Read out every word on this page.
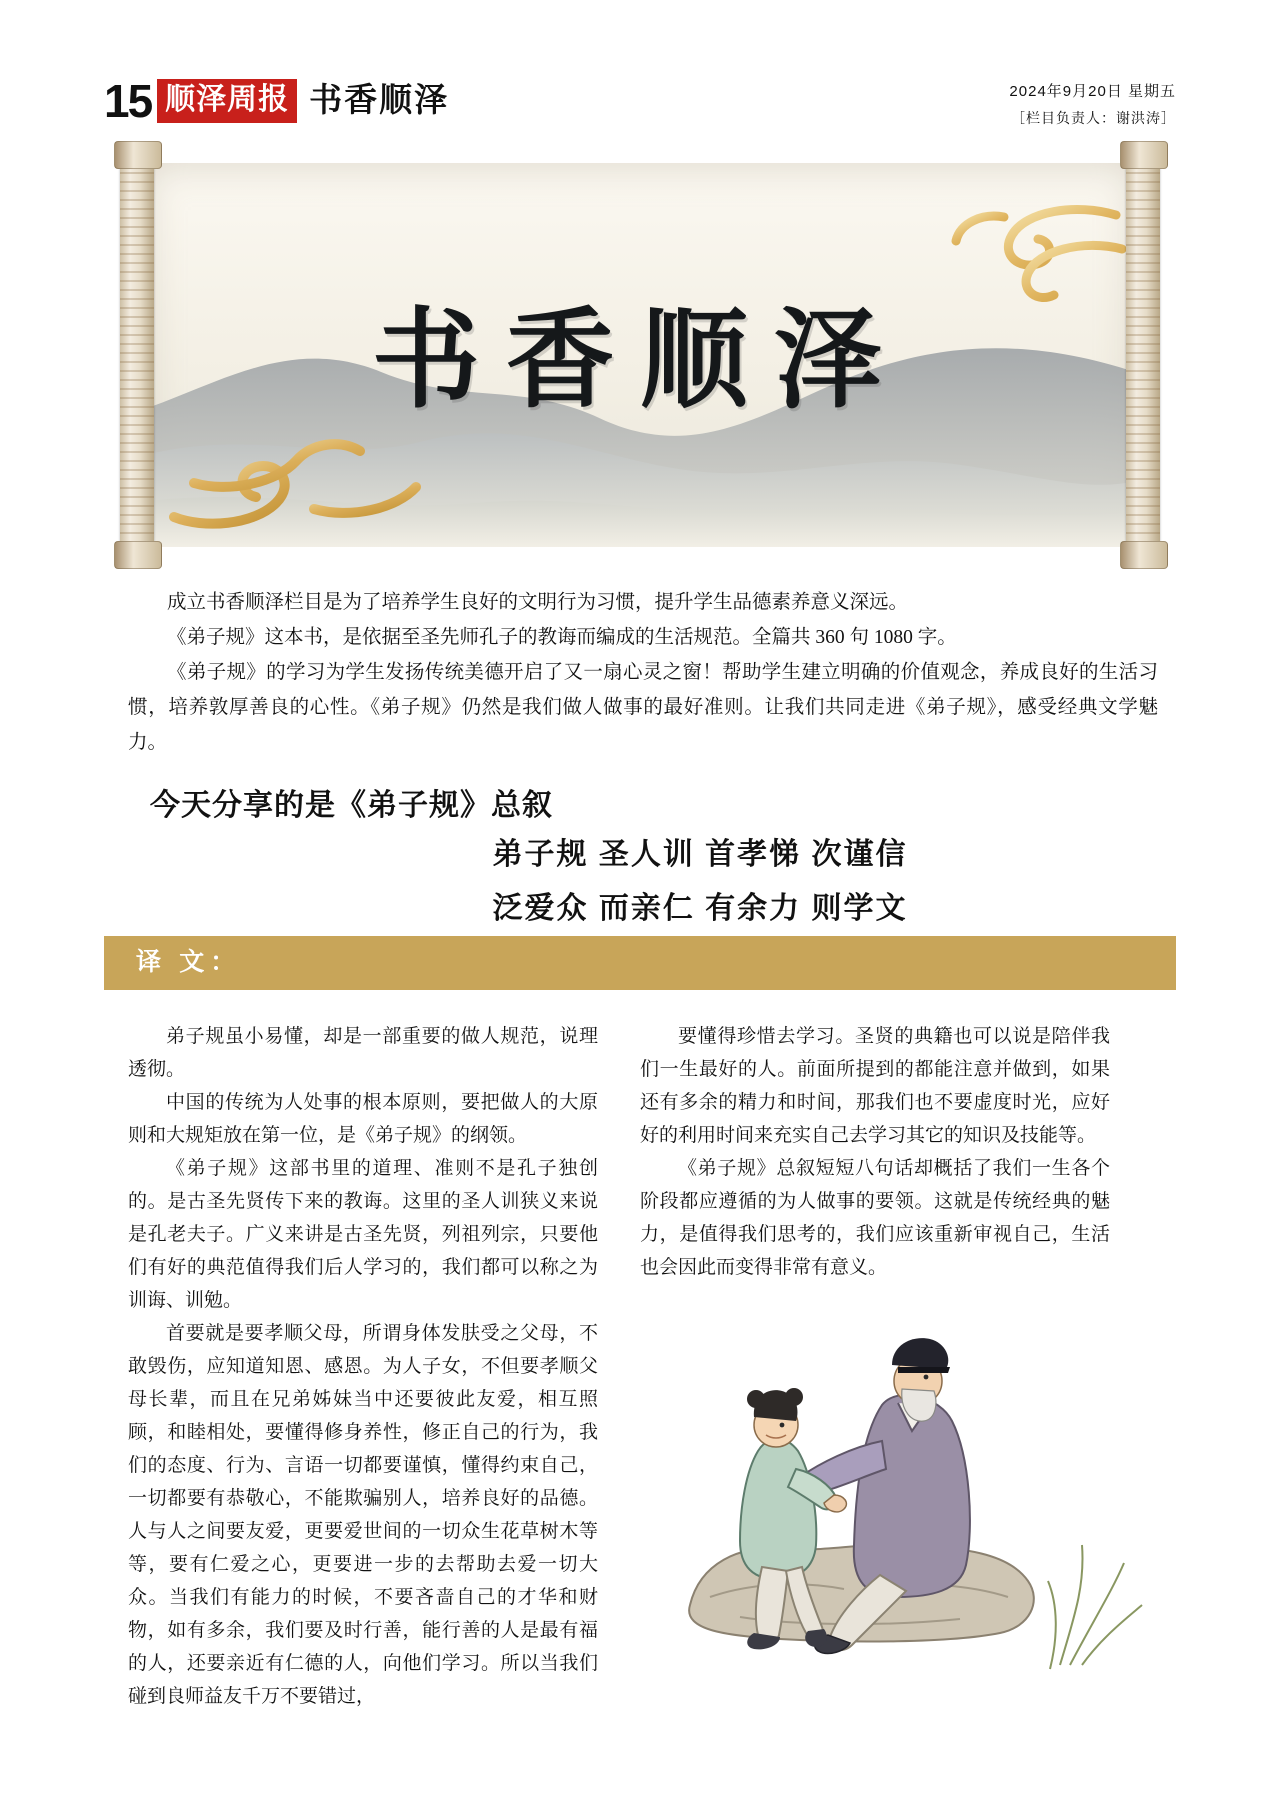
15 顺泽周报 书香顺泽	2024年9月20日 星期五
［栏目负责人：谢洪涛］
书香顺泽

成立书香顺泽栏目是为了培养学生良好的文明行为习惯，提升学生品德素养意义深远。

《弟子规》这本书，是依据至圣先师孔子的教诲而编成的生活规范。全篇共 360 句 1080 字。

《弟子规》的学习为学生发扬传统美德开启了又一扇心灵之窗！帮助学生建立明确的价值观念，养成良好的生活习惯，培养敦厚善良的心性。《弟子规》仍然是我们做人做事的最好准则。让我们共同走进《弟子规》，感受经典文学魅力。

今天分享的是《弟子规》总叙
弟子规 圣人训 首孝悌 次谨信
泛爱众 而亲仁 有余力 则学文
译 文：

弟子规虽小易懂，却是一部重要的做人规范，说理透彻。

中国的传统为人处事的根本原则，要把做人的大原则和大规矩放在第一位，是《弟子规》的纲领。

《弟子规》这部书里的道理、准则不是孔子独创的。是古圣先贤传下来的教诲。这里的圣人训狭义来说是孔老夫子。广义来讲是古圣先贤，列祖列宗，只要他们有好的典范值得我们后人学习的，我们都可以称之为训诲、训勉。

首要就是要孝顺父母，所谓身体发肤受之父母，不敢毁伤，应知道知恩、感恩。为人子女，不但要孝顺父母长辈，而且在兄弟姊妹当中还要彼此友爱，相互照顾，和睦相处，要懂得修身养性，修正自己的行为，我们的态度、行为、言语一切都要谨慎，懂得约束自己，一切都要有恭敬心，不能欺骗别人，培养良好的品德。人与人之间要友爱，更要爱世间的一切众生花草树木等等，要有仁爱之心，更要进一步的去帮助去爱一切大众。当我们有能力的时候，不要吝啬自己的才华和财物，如有多余，我们要及时行善，能行善的人是最有福的人，还要亲近有仁德的人，向他们学习。所以当我们碰到良师益友千万不要错过，

要懂得珍惜去学习。圣贤的典籍也可以说是陪伴我们一生最好的人。前面所提到的都能注意并做到，如果还有多余的精力和时间，那我们也不要虚度时光，应好好的利用时间来充实自己去学习其它的知识及技能等。

《弟子规》总叙短短八句话却概括了我们一生各个阶段都应遵循的为人做事的要领。这就是传统经典的魅力，是值得我们思考的，我们应该重新审视自己，生活也会因此而变得非常有意义。
